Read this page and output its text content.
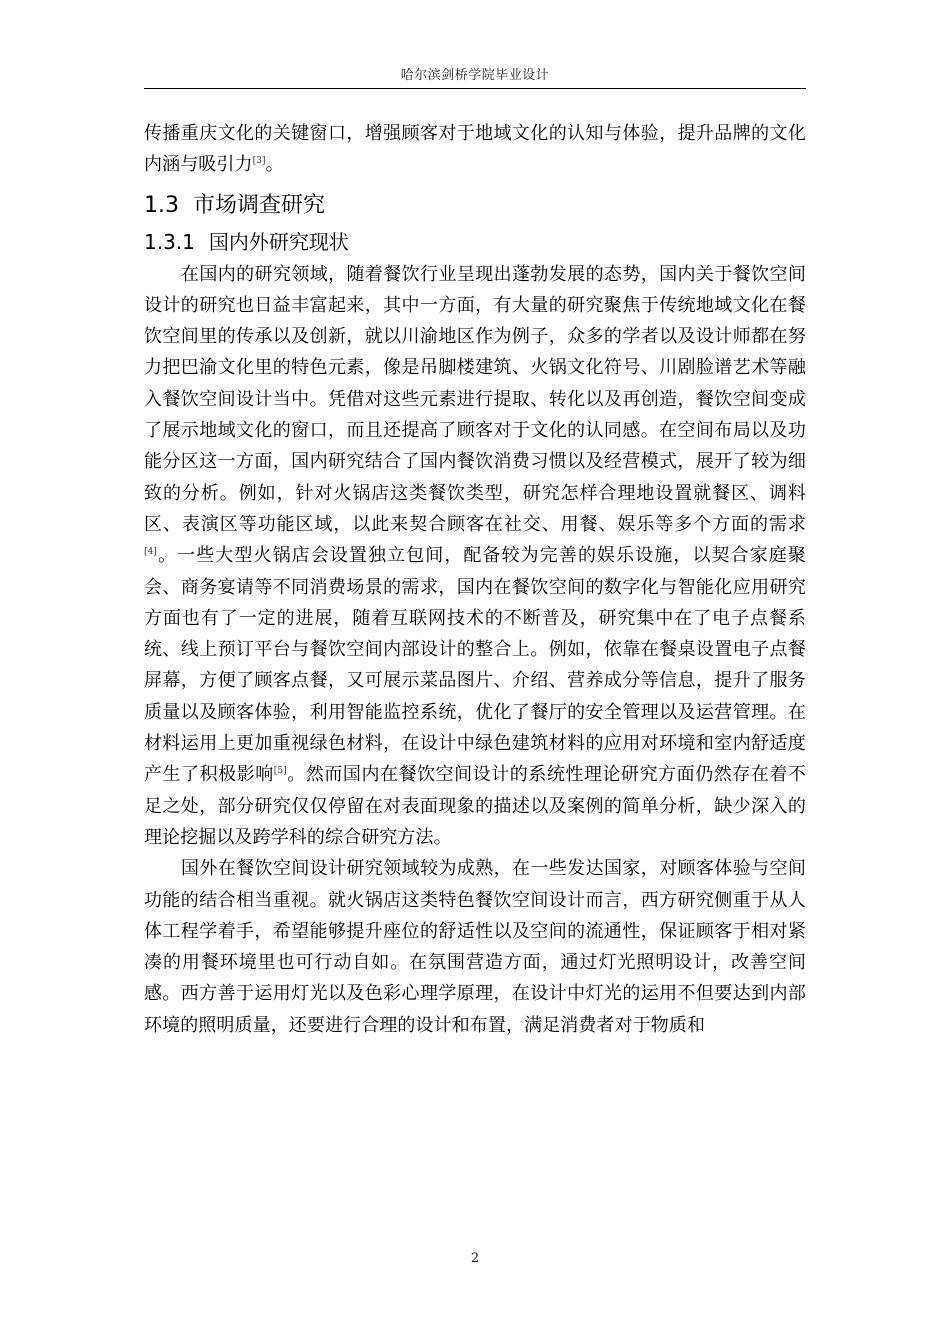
哈尔滨剑桥学院毕业设计

传播重庆文化的关键窗口，增强顾客对于地域文化的认知与体验，提升品牌的文化内涵与吸引力[3]。

1.3 市场调查研究
1.3.1 国内外研究现状

在国内的研究领域，随着餐饮行业呈现出蓬勃发展的态势，国内关于餐饮空间设计的研究也日益丰富起来，其中一方面，有大量的研究聚焦于传统地域文化在餐饮空间里的传承以及创新，就以川渝地区作为例子，众多的学者以及设计师都在努力把巴渝文化里的特色元素，像是吊脚楼建筑、火锅文化符号、川剧脸谱艺术等融入餐饮空间设计当中。凭借对这些元素进行提取、转化以及再创造，餐饮空间变成了展示地域文化的窗口，而且还提高了顾客对于文化的认同感。在空间布局以及功能分区这一方面，国内研究结合了国内餐饮消费习惯以及经营模式，展开了较为细致的分析。例如，针对火锅店这类餐饮类型，研究怎样合理地设置就餐区、调料区、表演区等功能区域，以此来契合顾客在社交、用餐、娱乐等多个方面的需求[4]。一些大型火锅店会设置独立包间，配备较为完善的娱乐设施，以契合家庭聚会、商务宴请等不同消费场景的需求，国内在餐饮空间的数字化与智能化应用研究方面也有了一定的进展，随着互联网技术的不断普及，研究集中在了电子点餐系统、线上预订平台与餐饮空间内部设计的整合上。例如，依靠在餐桌设置电子点餐屏幕，方便了顾客点餐，又可展示菜品图片、介绍、营养成分等信息，提升了服务质量以及顾客体验，利用智能监控系统，优化了餐厅的安全管理以及运营管理。在材料运用上更加重视绿色材料，在设计中绿色建筑材料的应用对环境和室内舒适度产生了积极影响[5]。然而国内在餐饮空间设计的系统性理论研究方面仍然存在着不足之处，部分研究仅仅停留在对表面现象的描述以及案例的简单分析，缺少深入的理论挖掘以及跨学科的综合研究方法。

国外在餐饮空间设计研究领域较为成熟，在一些发达国家，对顾客体验与空间功能的结合相当重视。就火锅店这类特色餐饮空间设计而言，西方研究侧重于从人体工程学着手，希望能够提升座位的舒适性以及空间的流通性，保证顾客于相对紧凑的用餐环境里也可行动自如。在氛围营造方面，通过灯光照明设计，改善空间感。西方善于运用灯光以及色彩心理学原理，在设计中灯光的运用不但要达到内部环境的照明质量，还要进行合理的设计和布置，满足消费者对于物质和

2
